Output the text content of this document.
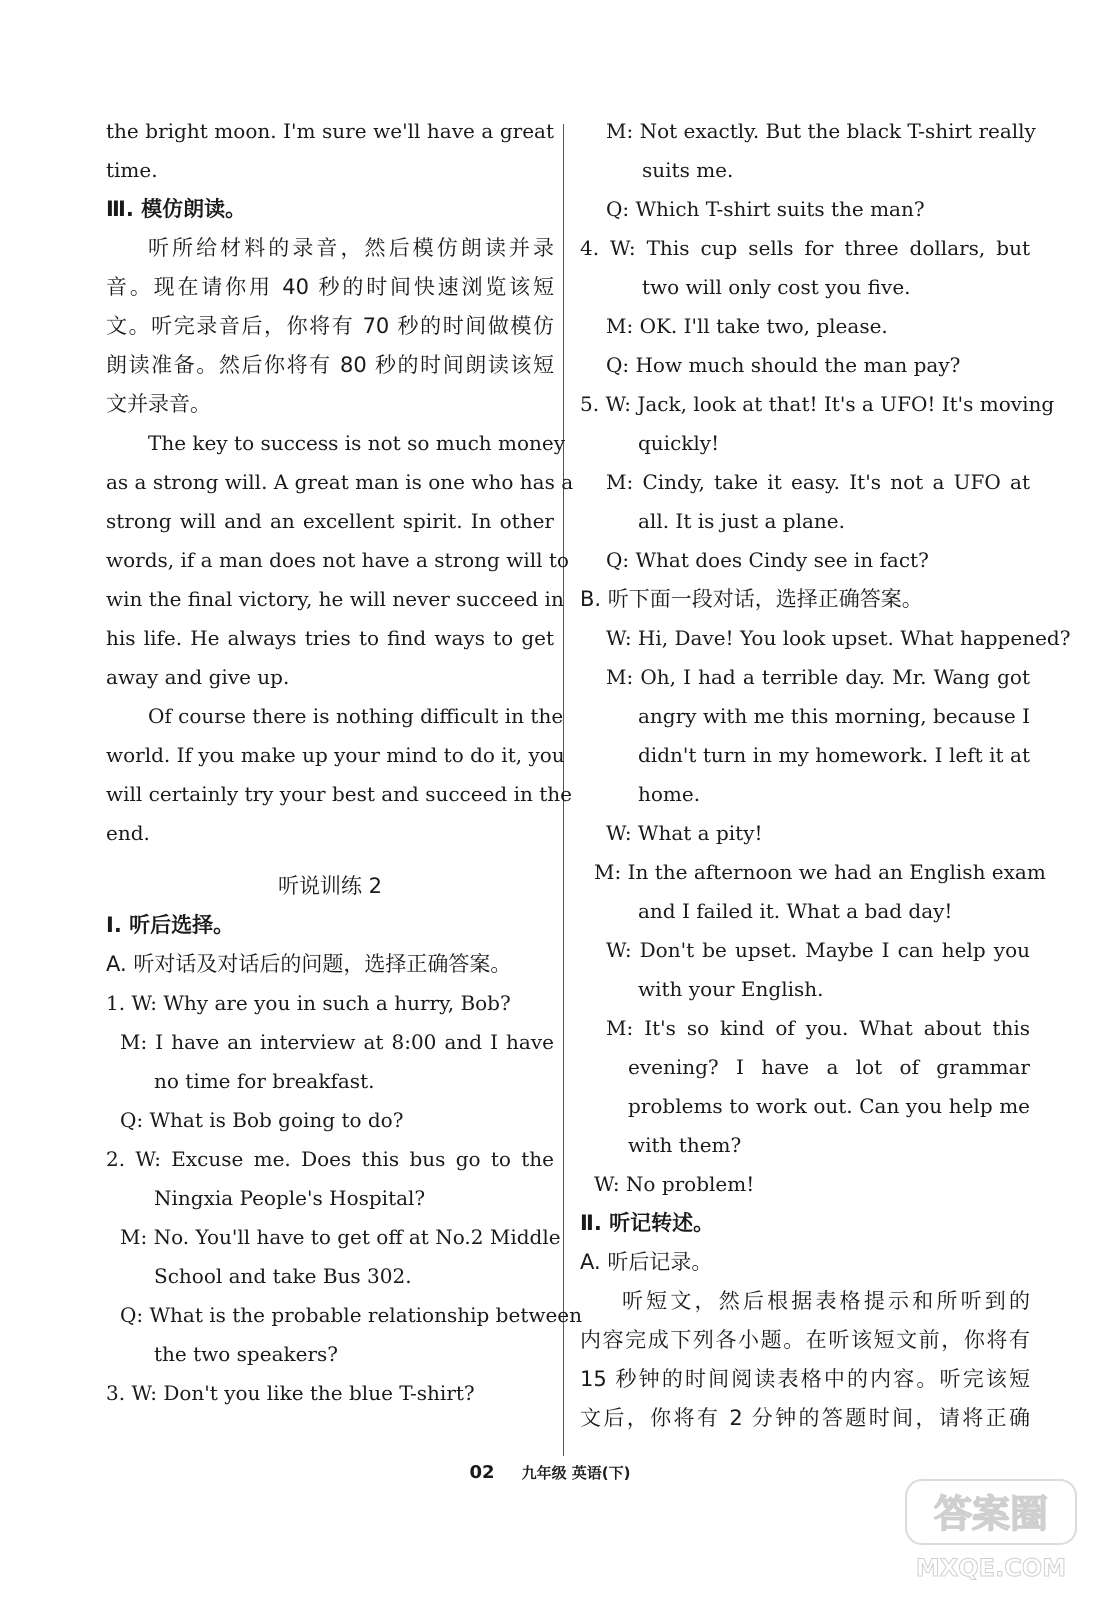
the bright moon. I'm sure we'll have a great

time.

Ⅲ. 模仿朗读。

听所给材料的录音，然后模仿朗读并录

音。现在请你用 40 秒的时间快速浏览该短

文。听完录音后，你将有 70 秒的时间做模仿

朗读准备。然后你将有 80 秒的时间朗读该短

文并录音。

The key to success is not so much money

as a strong will. A great man is one who has a

strong will and an excellent spirit. In other

words, if a man does not have a strong will to

win the final victory, he will never succeed in

his life. He always tries to find ways to get

away and give up.

Of course there is nothing difficult in the

world. If you make up your mind to do it, you

will certainly try your best and succeed in the

end.

听说训练 2

Ⅰ. 听后选择。

A. 听对话及对话后的问题，选择正确答案。

1. W: Why are you in such a hurry, Bob?

M: I have an interview at 8:00 and I have

no time for breakfast.

Q: What is Bob going to do?

2. W: Excuse me. Does this bus go to the

Ningxia People's Hospital?

M: No. You'll have to get off at No.2 Middle

School and take Bus 302.

Q: What is the probable relationship between

the two speakers?

3. W: Don't you like the blue T-shirt?

M: Not exactly. But the black T-shirt really

suits me.

Q: Which T-shirt suits the man?

4. W: This cup sells for three dollars, but

two will only cost you five.

M: OK. I'll take two, please.

Q: How much should the man pay?

5. W: Jack, look at that! It's a UFO! It's moving

quickly!

M: Cindy, take it easy. It's not a UFO at

all. It is just a plane.

Q: What does Cindy see in fact?

B. 听下面一段对话，选择正确答案。

W: Hi, Dave! You look upset. What happened?

M: Oh, I had a terrible day. Mr. Wang got

angry with me this morning, because I

didn't turn in my homework. I left it at

home.

W: What a pity!

M: In the afternoon we had an English exam

and I failed it. What a bad day!

W: Don't be upset. Maybe I can help you

with your English.

M: It's so kind of you. What about this

evening? I have a lot of grammar

problems to work out. Can you help me

with them?

W: No problem!

Ⅱ. 听记转述。

A. 听后记录。

听短文，然后根据表格提示和所听到的

内容完成下列各小题。在听该短文前，你将有

15 秒钟的时间阅读表格中的内容。听完该短

文后，你将有 2 分钟的答题时间，请将正确

02 九年级 英语(下)
答案圈
MXQE.COM
